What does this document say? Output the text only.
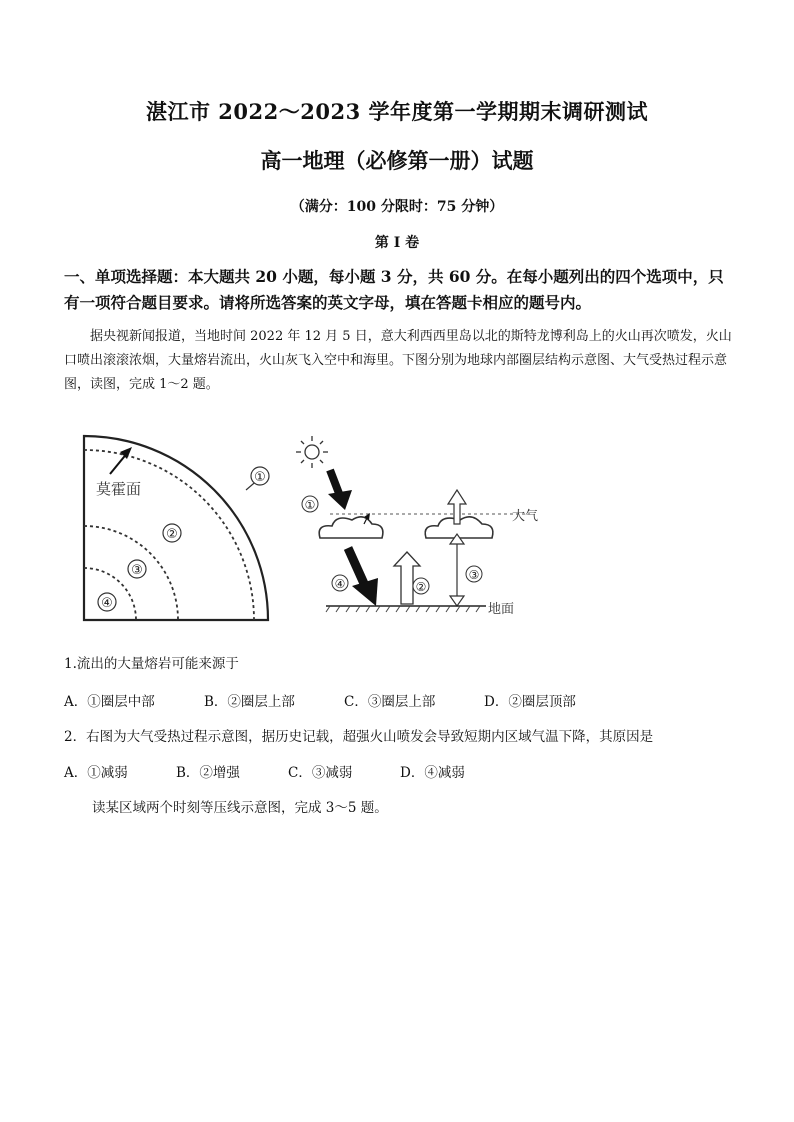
湛江市 2022～2023 学年度第一学期期末调研测试
高一地理（必修第一册）试题
（满分：100 分限时：75 分钟）
第 I 卷
一、单项选择题：本大题共 20 小题，每小题 3 分，共 60 分。在每小题列出的四个选项中，只有一项符合题目要求。请将所选答案的英文字母，填在答题卡相应的题号内。
据央视新闻报道，当地时间 2022 年 12 月 5 日，意大利西西里岛以北的斯特龙博利岛上的火山再次喷发，火山口喷出滚滚浓烟，大量熔岩流出，火山灰飞入空中和海里。下图分别为地球内部圈层结构示意图、大气受热过程示意图，读图，完成 1～2 题。
莫霍面
①
②
③
④
大气
①
④	②
③
地面
1.流出的大量熔岩可能来源于
A．①圈层中部	B．②圈层上部	C．③圈层上部	D．②圈层顶部
2．右图为大气受热过程示意图，据历史记载，超强火山喷发会导致短期内区域气温下降，其原因是
A．①减弱	B．②增强	C．③减弱	D．④减弱
读某区域两个时刻等压线示意图，完成 3～5 题。
